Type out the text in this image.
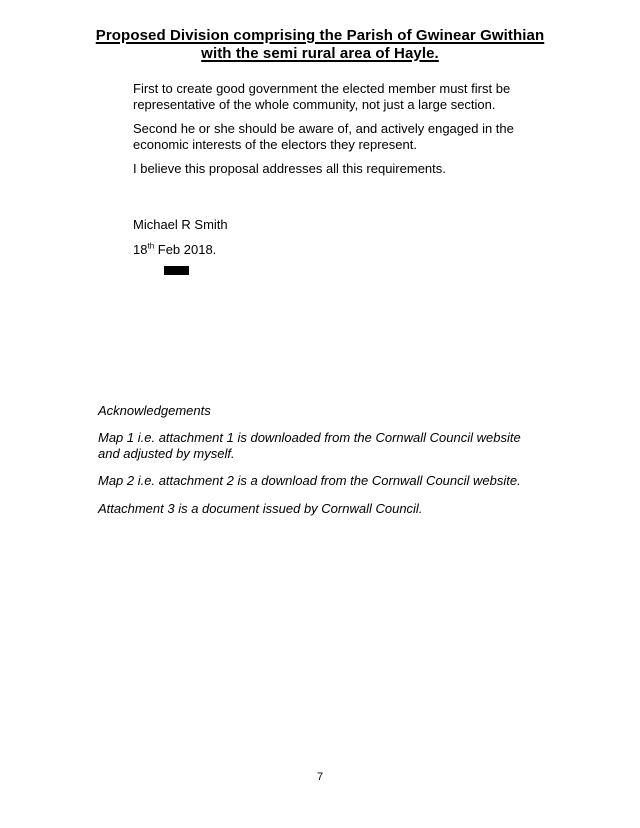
Proposed Division comprising the Parish of Gwinear Gwithian
with the semi rural area of Hayle.

First to create good government the elected member must first be representative of the whole community, not just a large section.

Second he or she should be aware of, and actively engaged in the economic interests of the electors they represent.

I believe this proposal addresses all this requirements.

Michael R Smith

18th Feb 2018.

Acknowledgements

Map 1 i.e. attachment 1 is downloaded from the Cornwall Council website and adjusted by myself.

Map 2 i.e. attachment 2 is a download from the Cornwall Council website.

Attachment 3 is a document issued by Cornwall Council.

7
